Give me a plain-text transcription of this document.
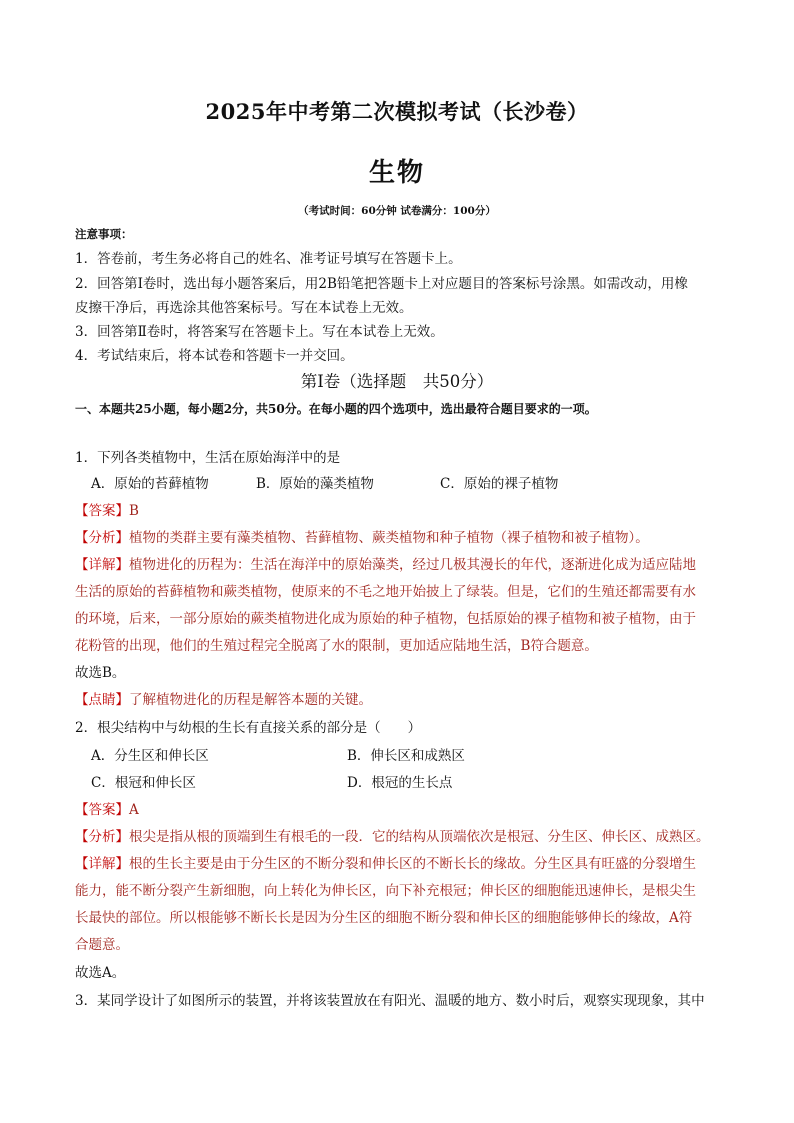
2025年中考第二次模拟考试（长沙卷）
生物
（考试时间：60分钟 试卷满分：100分）
注意事项：
1．答卷前，考生务必将自己的姓名、准考证号填写在答题卡上。
2．回答第Ⅰ卷时，选出每小题答案后，用2B铅笔把答题卡上对应题目的答案标号涂黑。如需改动，用橡
皮擦干净后，再选涂其他答案标号。写在本试卷上无效。
3．回答第Ⅱ卷时，将答案写在答题卡上。写在本试卷上无效。
4．考试结束后，将本试卷和答题卡一并交回。
第Ⅰ卷（选择题　共50分）
一、本题共25小题，每小题2分，共50分。在每小题的四个选项中，选出最符合题目要求的一项。
1．下列各类植物中，生活在原始海洋中的是
A．原始的苔藓植物	B．原始的藻类植物	C．原始的裸子植物
【答案】B
【分析】植物的类群主要有藻类植物、苔藓植物、蕨类植物和种子植物（裸子植物和被子植物）。
【详解】植物进化的历程为：生活在海洋中的原始藻类，经过几极其漫长的年代，逐渐进化成为适应陆地
生活的原始的苔藓植物和蕨类植物，使原来的不毛之地开始披上了绿装。但是，它们的生殖还都需要有水
的环境，后来，一部分原始的蕨类植物进化成为原始的种子植物，包括原始的裸子植物和被子植物，由于
花粉管的出现，他们的生殖过程完全脱离了水的限制，更加适应陆地生活，B符合题意。
故选B。
【点睛】了解植物进化的历程是解答本题的关键。
2．根尖结构中与幼根的生长有直接关系的部分是（　　）
A．分生区和伸长区	B．伸长区和成熟区
C．根冠和伸长区	D．根冠的生长点
【答案】A
【分析】根尖是指从根的顶端到生有根毛的一段．它的结构从顶端依次是根冠、分生区、伸长区、成熟区。
【详解】根的生长主要是由于分生区的不断分裂和伸长区的不断长长的缘故。分生区具有旺盛的分裂增生
能力，能不断分裂产生新细胞，向上转化为伸长区，向下补充根冠；伸长区的细胞能迅速伸长，是根尖生
长最快的部位。所以根能够不断长长是因为分生区的细胞不断分裂和伸长区的细胞能够伸长的缘故，A符
合题意。
故选A。
3．某同学设计了如图所示的装置，并将该装置放在有阳光、温暖的地方、数小时后，观察实现现象，其中
